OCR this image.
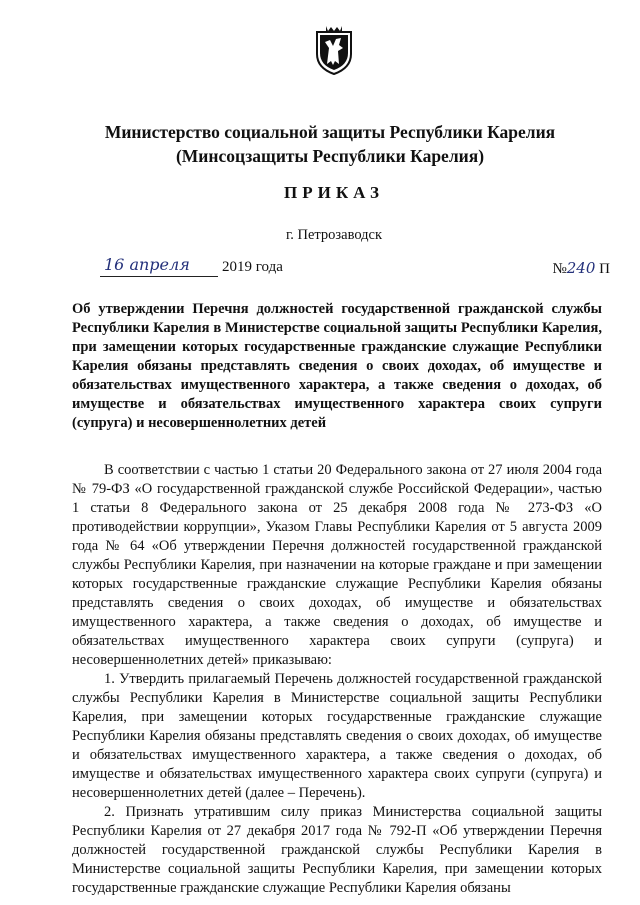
Министерство социальной защиты Республики Карелия
(Минсоцзащиты Республики Карелия)
ПРИКАЗ
г. Петрозаводск
16 апреля 2019 года	№240 П
Об утверждении Перечня должностей государственной гражданской службы Республики Карелия в Министерстве социальной защиты Республики Карелия, при замещении которых государственные гражданские служащие Республики Карелия обязаны представлять сведения о своих доходах, об имуществе и обязательствах имущественного характера, а также сведения о доходах, об имуществе и обязательствах имущественного характера своих супруги (супруга) и несовершеннолетних детей

В соответствии с частью 1 статьи 20 Федерального закона от 27 июля 2004 года № 79-ФЗ «О государственной гражданской службе Российской Федерации», частью 1 статьи 8 Федерального закона от 25 декабря 2008 года № 273-ФЗ «О противодействии коррупции», Указом Главы Республики Карелия от 5 августа 2009 года № 64 «Об утверждении Перечня должностей государственной гражданской службы Республики Карелия, при назначении на которые граждане и при замещении которых государственные гражданские служащие Республики Карелия обязаны представлять сведения о своих доходах, об имуществе и обязательствах имущественного характера, а также сведения о доходах, об имуществе и обязательствах имущественного характера своих супруги (супруга) и несовершеннолетних детей» приказываю:

1. Утвердить прилагаемый Перечень должностей государственной гражданской службы Республики Карелия в Министерстве социальной защиты Республики Карелия, при замещении которых государственные гражданские служащие Республики Карелия обязаны представлять сведения о своих доходах, об имуществе и обязательствах имущественного характера, а также сведения о доходах, об имуществе и обязательствах имущественного характера своих супруги (супруга) и несовершеннолетних детей (далее – Перечень).

2. Признать утратившим силу приказ Министерства социальной защиты Республики Карелия от 27 декабря 2017 года № 792-П «Об утверждении Перечня должностей государственной гражданской службы Республики Карелия в Министерстве социальной защиты Республики Карелия, при замещении которых государственные гражданские служащие Республики Карелия обязаны
